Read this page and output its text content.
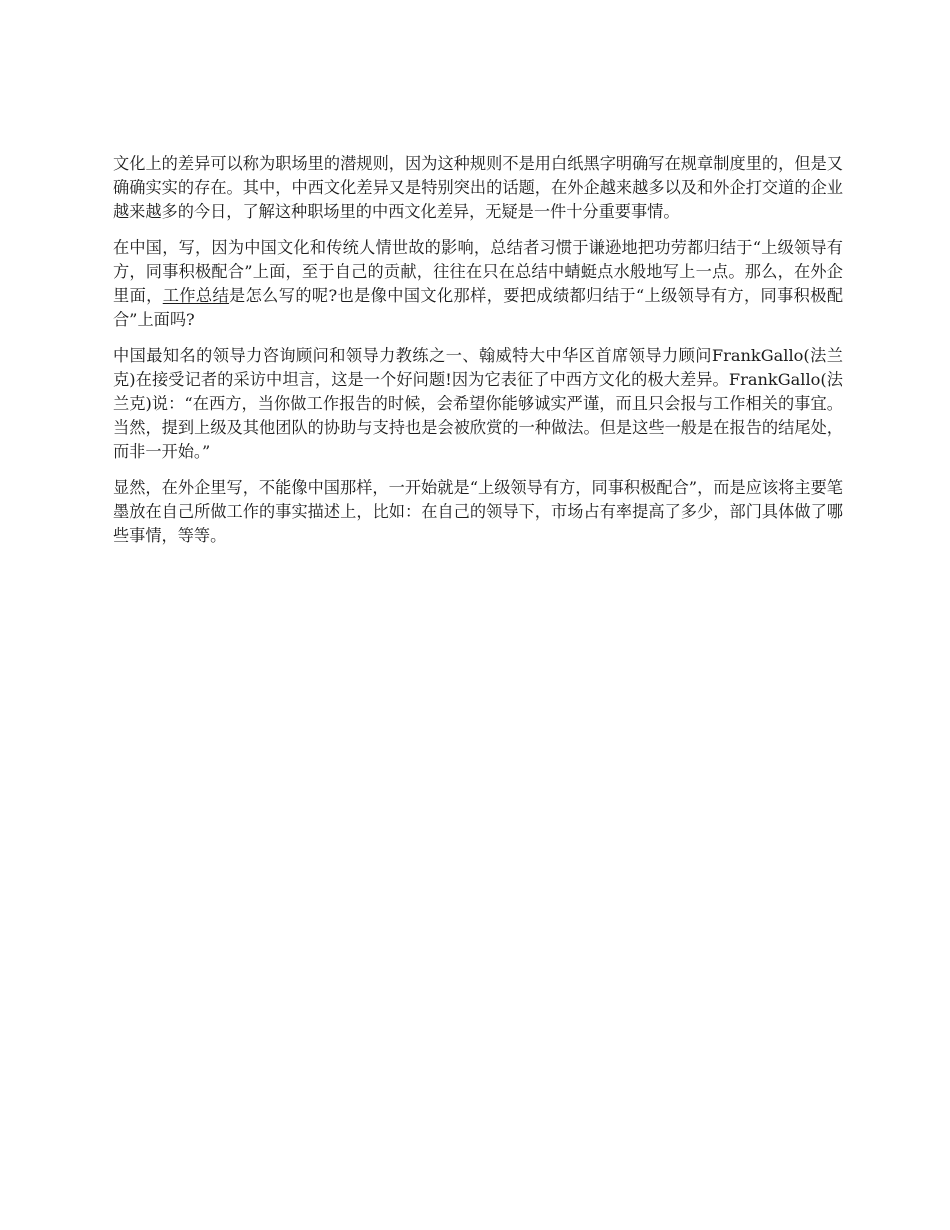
文化上的差异可以称为职场里的潜规则，因为这种规则不是用白纸黑字明确写在规章制度里的，但是又确确实实的存在。其中，中西文化差异又是特别突出的话题，在外企越来越多以及和外企打交道的企业越来越多的今日，了解这种职场里的中西文化差异，无疑是一件十分重要事情。

在中国，写，因为中国文化和传统人情世故的影响，总结者习惯于谦逊地把功劳都归结于“上级领导有方，同事积极配合”上面，至于自己的贡献，往往在只在总结中蜻蜓点水般地写上一点。那么，在外企里面，工作总结是怎么写的呢?也是像中国文化那样，要把成绩都归结于“上级领导有方，同事积极配合”上面吗?

中国最知名的领导力咨询顾问和领导力教练之一、翰威特大中华区首席领导力顾问FrankGallo(法兰克)在接受记者的采访中坦言，这是一个好问题!因为它表征了中西方文化的极大差异。FrankGallo(法兰克)说：“在西方，当你做工作报告的时候，会希望你能够诚实严谨，而且只会报与工作相关的事宜。当然，提到上级及其他团队的协助与支持也是会被欣赏的一种做法。但是这些一般是在报告的结尾处，而非一开始。”

显然，在外企里写，不能像中国那样，一开始就是“上级领导有方，同事积极配合”，而是应该将主要笔墨放在自己所做工作的事实描述上，比如：在自己的领导下，市场占有率提高了多少，部门具体做了哪些事情，等等。
